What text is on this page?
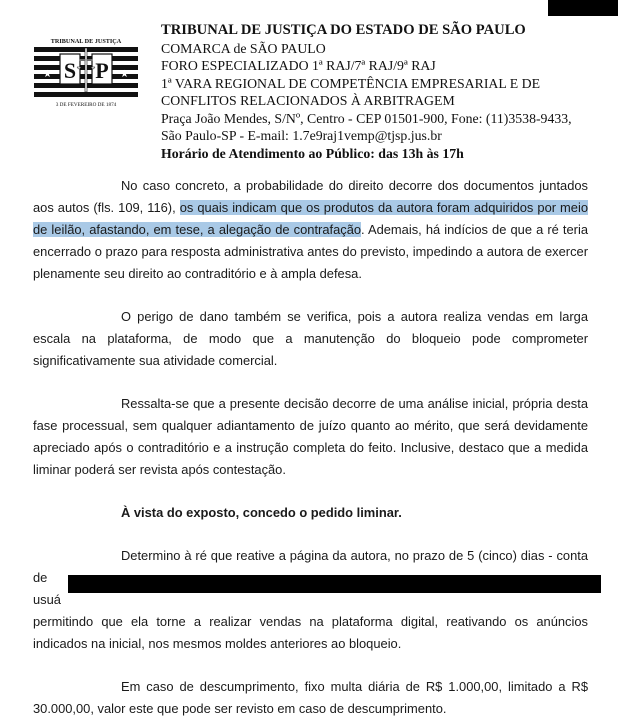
TRIBUNAL DE JUSTIÇA
★	★
S P
3 DE FEVEREIRO DE 1874
TRIBUNAL DE JUSTIÇA DO ESTADO DE SÃO PAULO
COMARCA de SÃO PAULO
FORO ESPECIALIZADO 1ª RAJ/7ª RAJ/9ª RAJ
1ª VARA REGIONAL DE COMPETÊNCIA EMPRESARIAL E DE
CONFLITOS RELACIONADOS À ARBITRAGEM
Praça João Mendes, S/Nº, Centro - CEP 01501-900, Fone: (11)3538-9433,
São Paulo-SP - E-mail: 1.7e9raj1vemp@tjsp.jus.br
Horário de Atendimento ao Público: das 13h às 17h

No caso concreto, a probabilidade do direito decorre dos documentos juntados aos autos (fls. 109, 116), os quais indicam que os produtos da autora foram adquiridos por meio de leilão, afastando, em tese, a alegação de contrafação. Ademais, há indícios de que a ré teria encerrado o prazo para resposta administrativa antes do previsto, impedindo a autora de exercer plenamente seu direito ao contraditório e à ampla defesa.

O perigo de dano também se verifica, pois a autora realiza vendas em larga escala na plataforma, de modo que a manutenção do bloqueio pode comprometer significativamente sua atividade comercial.

Ressalta-se que a presente decisão decorre de uma análise inicial, própria desta fase processual, sem qualquer adiantamento de juízo quanto ao mérito, que será devidamente apreciado após o contraditório e a instrução completa do feito. Inclusive, destaco que a medida liminar poderá ser revista após contestação.

À vista do exposto, concedo o pedido liminar.

Determino à ré que reative a página da autora, no prazo de 5 (cinco) dias - conta de
usuá
permitindo que ela torne a realizar vendas na plataforma digital, reativando os anúncios indicados na inicial, nos mesmos moldes anteriores ao bloqueio.

Em caso de descumprimento, fixo multa diária de R$ 1.000,00, limitado a R$ 30.000,00, valor este que pode ser revisto em caso de descumprimento.
